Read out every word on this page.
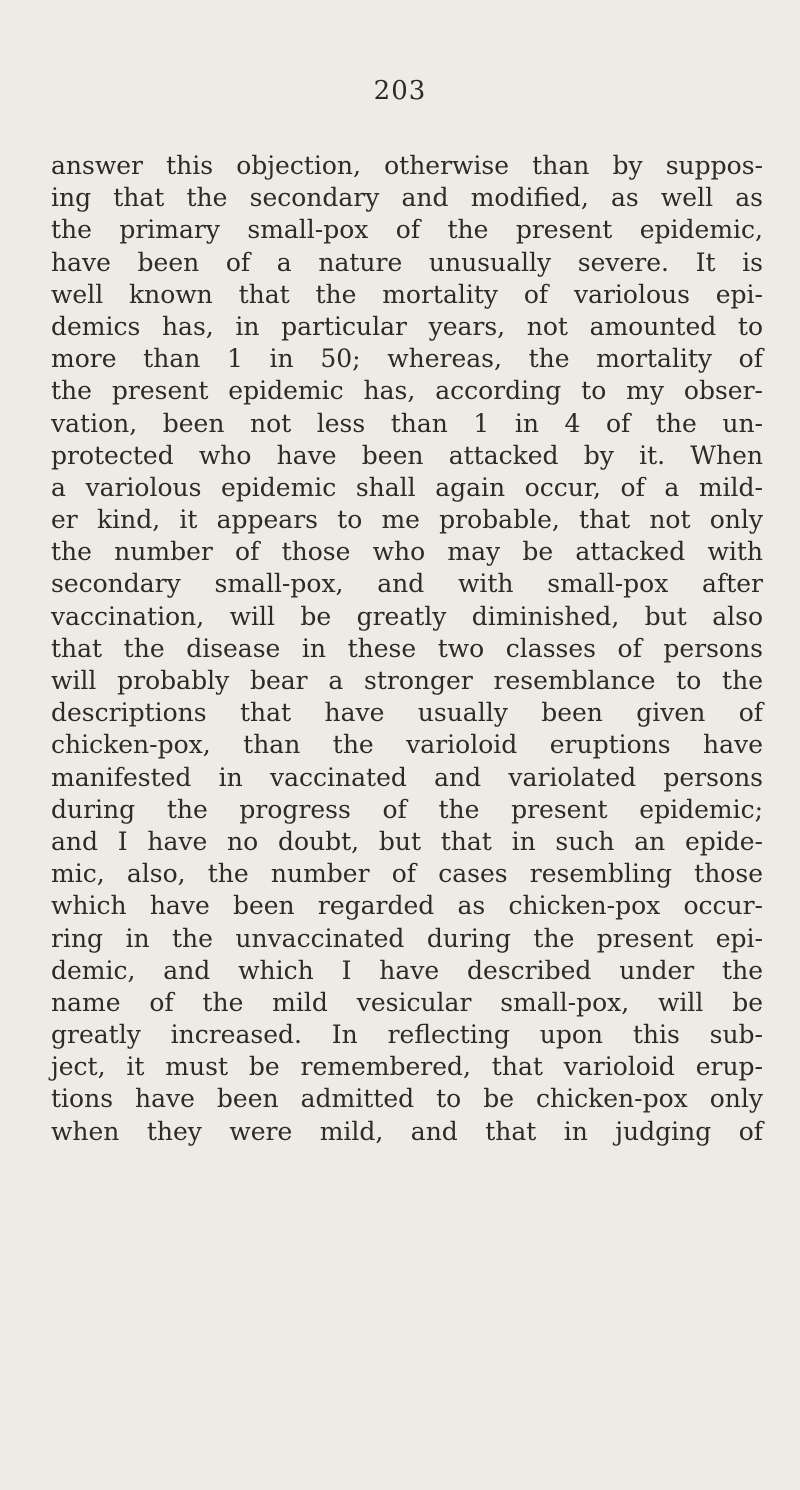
203
answer this objection, otherwise than by suppos-
ing that the secondary and modified, as well as
the primary small-pox of the present epidemic,
have been of a nature unusually severe. It is
well known that the mortality of variolous epi-
demics has, in particular years, not amounted to
more than 1 in 50; whereas, the mortality of
the present epidemic has, according to my obser-
vation, been not less than 1 in 4 of the un-
protected who have been attacked by it. When
a variolous epidemic shall again occur, of a mild-
er kind, it appears to me probable, that not only
the number of those who may be attacked with
secondary small-pox, and with small-pox after
vaccination, will be greatly diminished, but also
that the disease in these two classes of persons
will probably bear a stronger resemblance to the
descriptions that have usually been given of
chicken-pox, than the varioloid eruptions have
manifested in vaccinated and variolated persons
during the progress of the present epidemic;
and I have no doubt, but that in such an epide-
mic, also, the number of cases resembling those
which have been regarded as chicken-pox occur-
ring in the unvaccinated during the present epi-
demic, and which I have described under the
name of the mild vesicular small-pox, will be
greatly increased. In reflecting upon this sub-
ject, it must be remembered, that varioloid erup-
tions have been admitted to be chicken-pox only
when they were mild, and that in judging of
